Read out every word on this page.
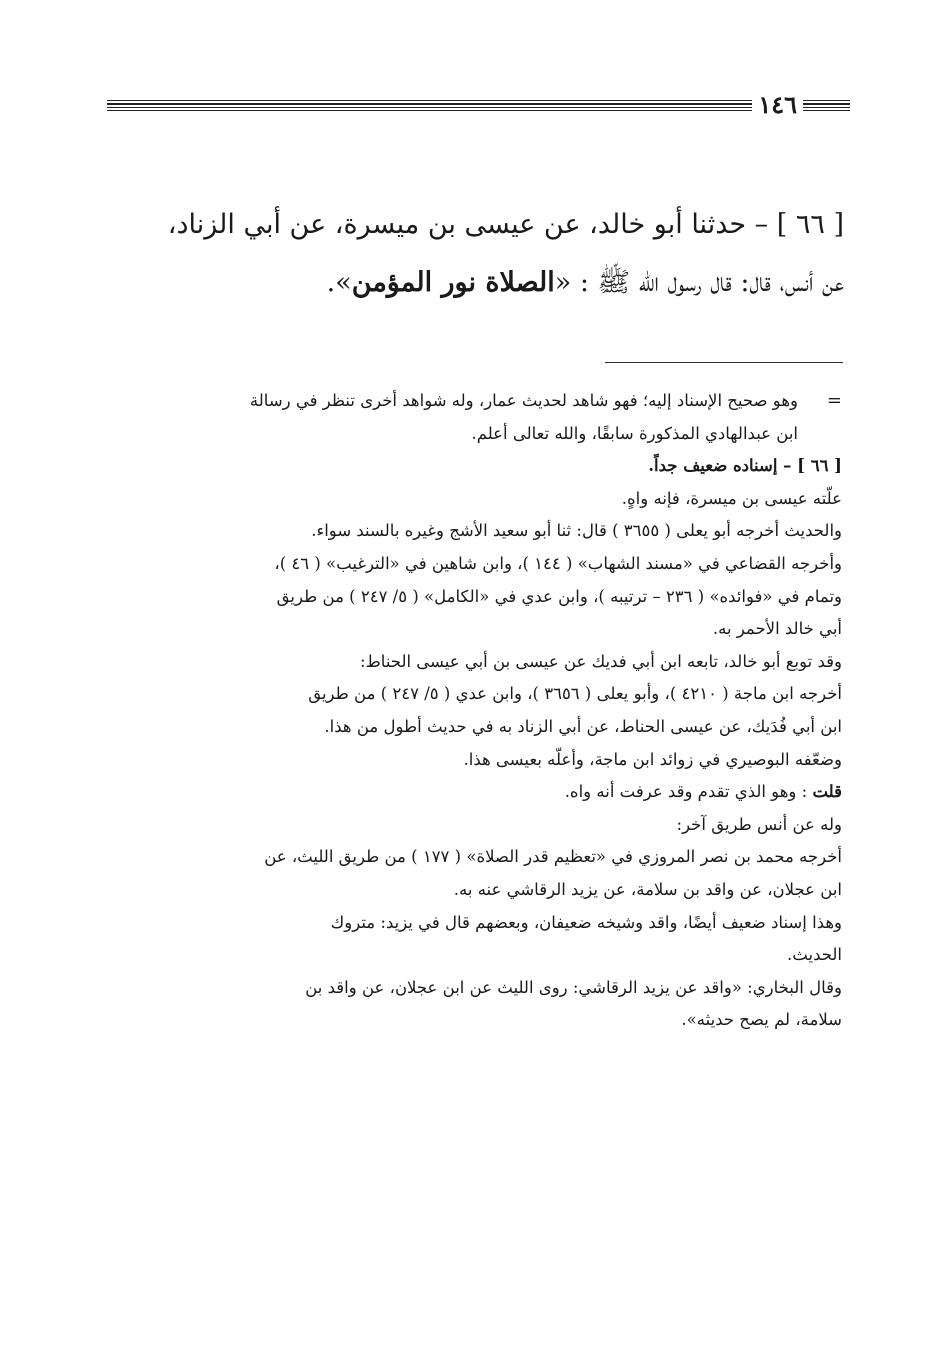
١٤٦
[ ٦٦ ] – حدثنا أبو خالد، عن عيسى بن ميسرة، عن أبي الزناد،
عن أنس، قال: قال رسول الله ﷺ : «الصلاة نور المؤمن».
=
وهو صحيح الإسناد إليه؛ فهو شاهد لحديث عمار، وله شواهد أخرى تنظر في رسالة
ابن عبدالهادي المذكورة سابقًا، والله تعالى أعلم.
[ ٦٦ ] – إسناده ضعيف جداً.
علّته عيسى بن ميسرة، فإنه واهٍ.
والحديث أخرجه أبو يعلى ( ٣٦٥٥ ) قال: ثنا أبو سعيد الأشج وغيره بالسند سواء.
وأخرجه القضاعي في «مسند الشهاب» ( ١٤٤ )، وابن شاهين في «الترغيب» ( ٤٦ )،
وتمام في «فوائده» ( ٢٣٦ – ترتيبه )، وابن عدي في «الكامل» ( ٥/ ٢٤٧ ) من طريق
أبي خالد الأحمر به.
وقد توبع أبو خالد، تابعه ابن أبي فديك عن عيسى بن أبي عيسى الحناط:
أخرجه ابن ماجة ( ٤٢١٠ )، وأبو يعلى ( ٣٦٥٦ )، وابن عدي ( ٥/ ٢٤٧ ) من طريق
ابن أبي فُدَيك، عن عيسى الحناط، عن أبي الزناد به في حديث أطول من هذا.
وضعّفه البوصيري في زوائد ابن ماجة، وأعلّه بعيسى هذا.
قلت : وهو الذي تقدم وقد عرفت أنه واه.
وله عن أنس طريق آخر:
أخرجه محمد بن نصر المروزي في «تعظيم قدر الصلاة» ( ١٧٧ ) من طريق الليث، عن
ابن عجلان، عن واقد بن سلامة، عن يزيد الرقاشي عنه به.
وهذا إسناد ضعيف أيضًا، واقد وشيخه ضعيفان، وبعضهم قال في يزيد: متروك
الحديث.
وقال البخاري: «واقد عن يزيد الرقاشي: روى الليث عن ابن عجلان، عن واقد بن
سلامة، لم يصح حديثه».
